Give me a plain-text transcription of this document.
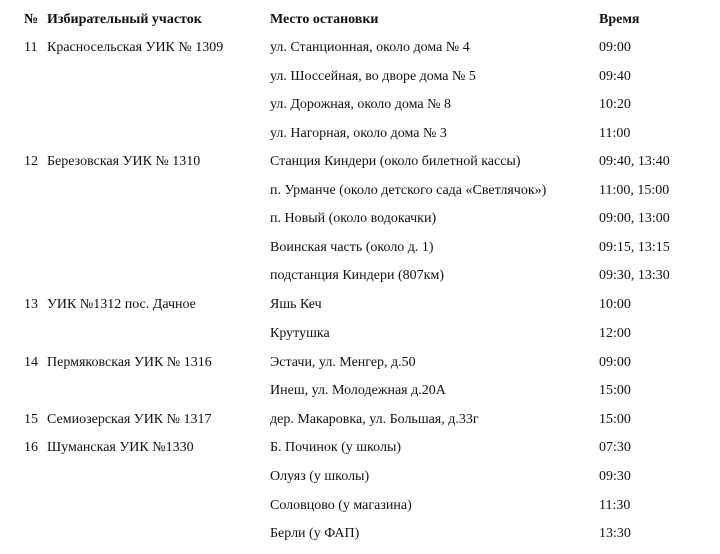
№ Избирательный участок	Место остановки	Время
11 Красносельская УИК № 1309	ул. Станционная, около дома № 4	09:00
ул. Шоссейная, во дворе дома № 5	09:40
ул. Дорожная, около дома № 8	10:20
ул. Нагорная, около дома № 3	11:00
12 Березовская УИК № 1310	Станция Киндери (около билетной кассы)	09:40, 13:40
п. Урманче (около детского сада «Светлячок»)	11:00, 15:00
п. Новый (около водокачки)	09:00, 13:00
Воинская часть (около д. 1)	09:15, 13:15
подстанция Киндери (807км)	09:30, 13:30
13 УИК №1312 пос. Дачное	Яшь Кеч	10:00
Крутушка	12:00
14 Пермяковская УИК № 1316	Эстачи, ул. Менгер, д.50	09:00
Инеш, ул. Молодежная д.20А	15:00
15 Семиозерская УИК № 1317	дер. Макаровка, ул. Большая, д.33г	15:00
16 Шуманская УИК №1330	Б. Починок (у школы)	07:30
Олуяз (у школы)	09:30
Соловцово (у магазина)	11:30
Берли (у ФАП)	13:30
